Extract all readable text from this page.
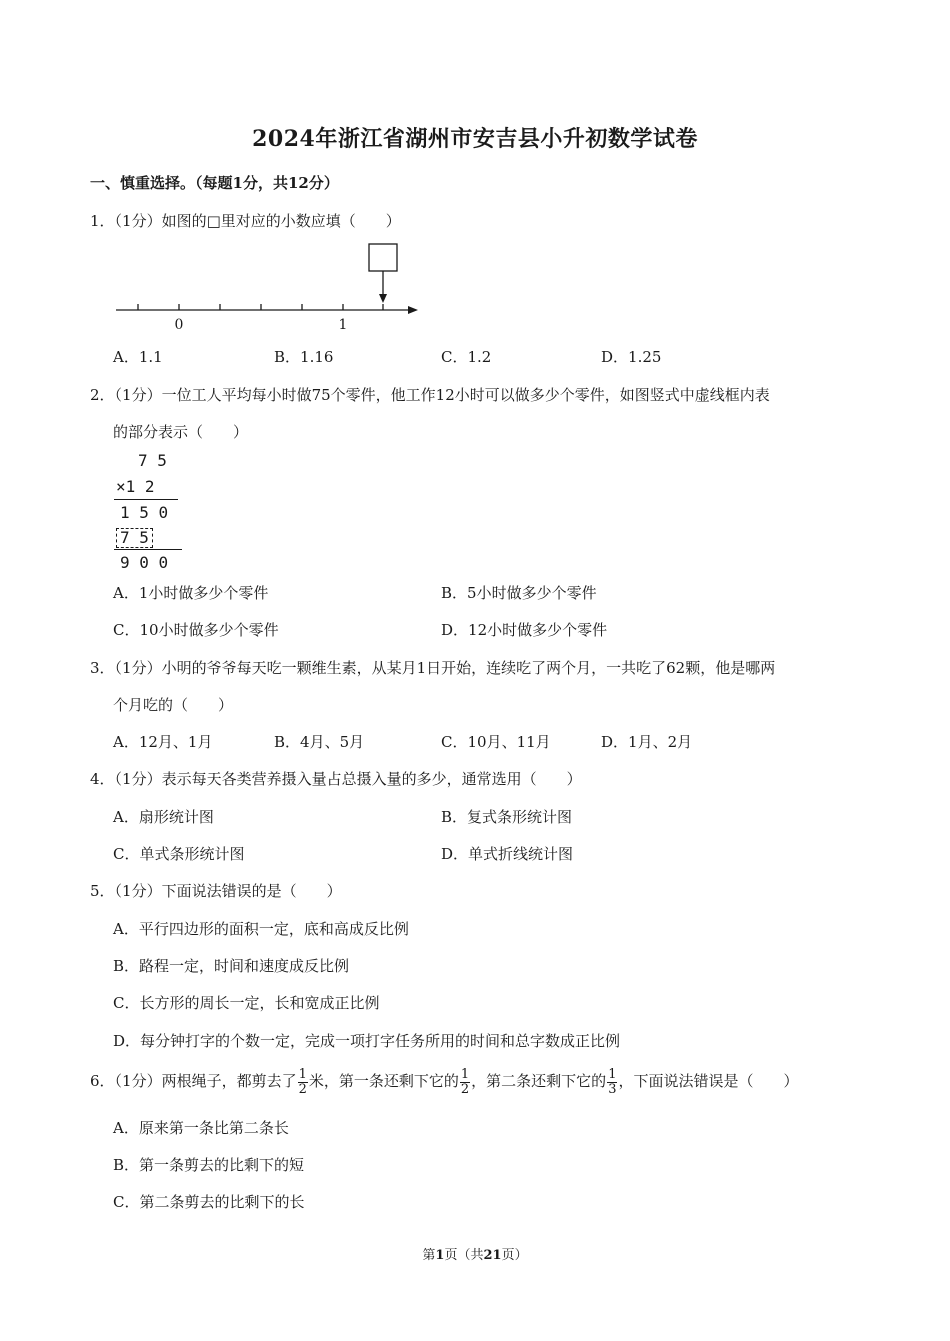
2024年浙江省湖州市安吉县小升初数学试卷
一、慎重选择。（每题1分，共12分）
1．（1分）如图的□里对应的小数应填（　　）
0	1
A．1.1	B．1.16	C．1.2	D．1.25
2．（1分）一位工人平均每小时做75个零件，他工作12小时可以做多少个零件，如图竖式中虚线框内表
的部分表示（　　）
7 5
×1 2
1 5 0
7 5
9 0 0
A．1小时做多少个零件	B．5小时做多少个零件
C．10小时做多少个零件	D．12小时做多少个零件
3．（1分）小明的爷爷每天吃一颗维生素，从某月1日开始，连续吃了两个月，一共吃了62颗，他是哪两
个月吃的（　　）
A．12月、1月	B．4月、5月	C．10月、11月	D．1月、2月
4．（1分）表示每天各类营养摄入量占总摄入量的多少，通常选用（　　）
A．扇形统计图	B．复式条形统计图
C．单式条形统计图	D．单式折线统计图
5．（1分）下面说法错误的是（　　）
A．平行四边形的面积一定，底和高成反比例
B．路程一定，时间和速度成反比例
C．长方形的周长一定，长和宽成正比例
D．每分钟打字的个数一定，完成一项打字任务所用的时间和总字数成正比例
6．（1分）两根绳子，都剪去了 $\frac{1}{2}$ 米，第一条还剩下它的 $\frac{1}{2}$ ，第二条还剩下它的 $\frac{1}{3}$ ，下面说法错误是（　　）
A．原来第一条比第二条长
B．第一条剪去的比剩下的短
C．第二条剪去的比剩下的长
第1页（共21页）
